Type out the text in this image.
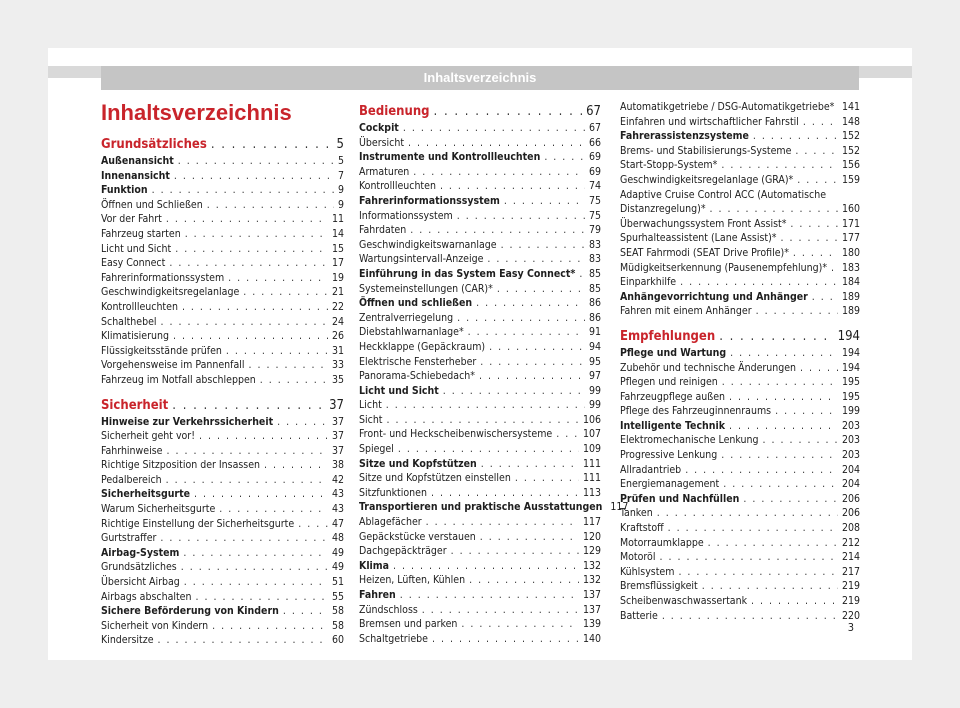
Inhaltsverzeichnis
Inhaltsverzeichnis
Grundsätzliches . . .	5
Außenansicht . . .	5
Innenansicht . . .	7
Funktion . . .	9
Öffnen und Schließen . . .	9
Vor der Fahrt . . .	11
Fahrzeug starten . . .	14
Licht und Sicht . . .	15
Easy Connect . . .	17
Fahrerinformationssystem . . .	19
Geschwindigkeitsregelanlage . . .	21
Kontrollleuchten . . .	22
Schalthebel . . .	24
Klimatisierung . . .	26
Flüssigkeitsstände prüfen . . .	31
Vorgehensweise im Pannenfall . . .	33
Fahrzeug im Notfall abschleppen . . .	35
Sicherheit . . .	37
Hinweise zur Verkehrssicherheit . . .	37
Sicherheit geht vor! . . .	37
Fahrhinweise . . .	37
Richtige Sitzposition der Insassen . . .	38
Pedalbereich . . .	42
Sicherheitsgurte . . .	43
Warum Sicherheitsgurte . . .	43
Richtige Einstellung der Sicherheitsgurte . . .	47
Gurtstraffer . . .	48
Airbag-System . . .	49
Grundsätzliches . . .	49
Übersicht Airbag . . .	51
Airbags abschalten . . .	55
Sichere Beförderung von Kindern . . .	58
Sicherheit von Kindern . . .	58
Kindersitze . . .	60
Bedienung . . .	67
Cockpit . . .	67
Übersicht . . .	66
Instrumente und Kontrollleuchten . . .	69
Armaturen . . .	69
Kontrollleuchten . . .	74
Fahrerinformationssystem . . .	75
Informationssystem . . .	75
Fahrdaten . . .	79
Geschwindigkeitswarnanlage . . .	83
Wartungsintervall-Anzeige . . .	83
Einführung in das System Easy Connect* . . . 85
Systemeinstellungen (CAR)* . . .	85
Öffnen und schließen . . .	86
Zentralverriegelung . . .	86
Diebstahlwarnanlage* . . .	91
Heckklappe (Gepäckraum) . . .	94
Elektrische Fensterheber . . .	95
Panorama-Schiebedach* . . .	97
Licht und Sicht . . .	99
Licht . . .	99
Sicht . . .	106
Front- und Heckscheibenwischersysteme . . .	107
Spiegel . . .	109
Sitze und Kopfstützen . . .	111
Sitze und Kopfstützen einstellen . . .	111
Sitzfunktionen . . .	113
Transportieren und praktische Ausstattungen 117
Ablagefächer . . .	117
Gepäckstücke verstauen . . .	120
Dachgepäckträger . . .	129
Klima . . .	132
Heizen, Lüften, Kühlen . . .	132
Fahren . . .	137
Zündschloss . . .	137
Bremsen und parken . . .	139
Schaltgetriebe . . .	140
Automatikgetriebe / DSG-Automatikgetriebe* 141
Einfahren und wirtschaftlicher Fahrstil . . .	148
Fahrerassistenzsysteme . . .	152
Brems- und Stabilisierungs-Systeme . . .	152
Start-Stopp-System* . . .	156
Geschwindigkeitsregelanlage (GRA)* . . .	159
Adaptive Cruise Control ACC (Automatische
Distanzregelung)* . . .	160
Überwachungssystem Front Assist* . . .	171
Spurhalteassistent (Lane Assist)* . . .	177
SEAT Fahrmodi (SEAT Drive Profile)* . . .	180
Müdigkeitserkennung (Pausenempfehlung)* . . . 183
Einparkhilfe . . .	184
Anhängevorrichtung und Anhänger . . .	189
Fahren mit einem Anhänger . . .	189
Empfehlungen . . .	194
Pflege und Wartung . . .	194
Zubehör und technische Änderungen . . .	194
Pflegen und reinigen . . .	195
Fahrzeugpflege außen . . .	195
Pflege des Fahrzeuginnenraums . . .	199
Intelligente Technik . . .	203
Elektromechanische Lenkung . . .	203
Progressive Lenkung . . .	203
Allradantrieb . . .	204
Energiemanagement . . .	204
Prüfen und Nachfüllen . . .	206
Tanken . . .	206
Kraftstoff . . .	208
Motorraumklappe . . .	212
Motoröl . . .	214
Kühlsystem . . .	217
Bremsflüssigkeit . . .	219
Scheibenwaschwassertank . . .	219
Batterie . . .	220
3
